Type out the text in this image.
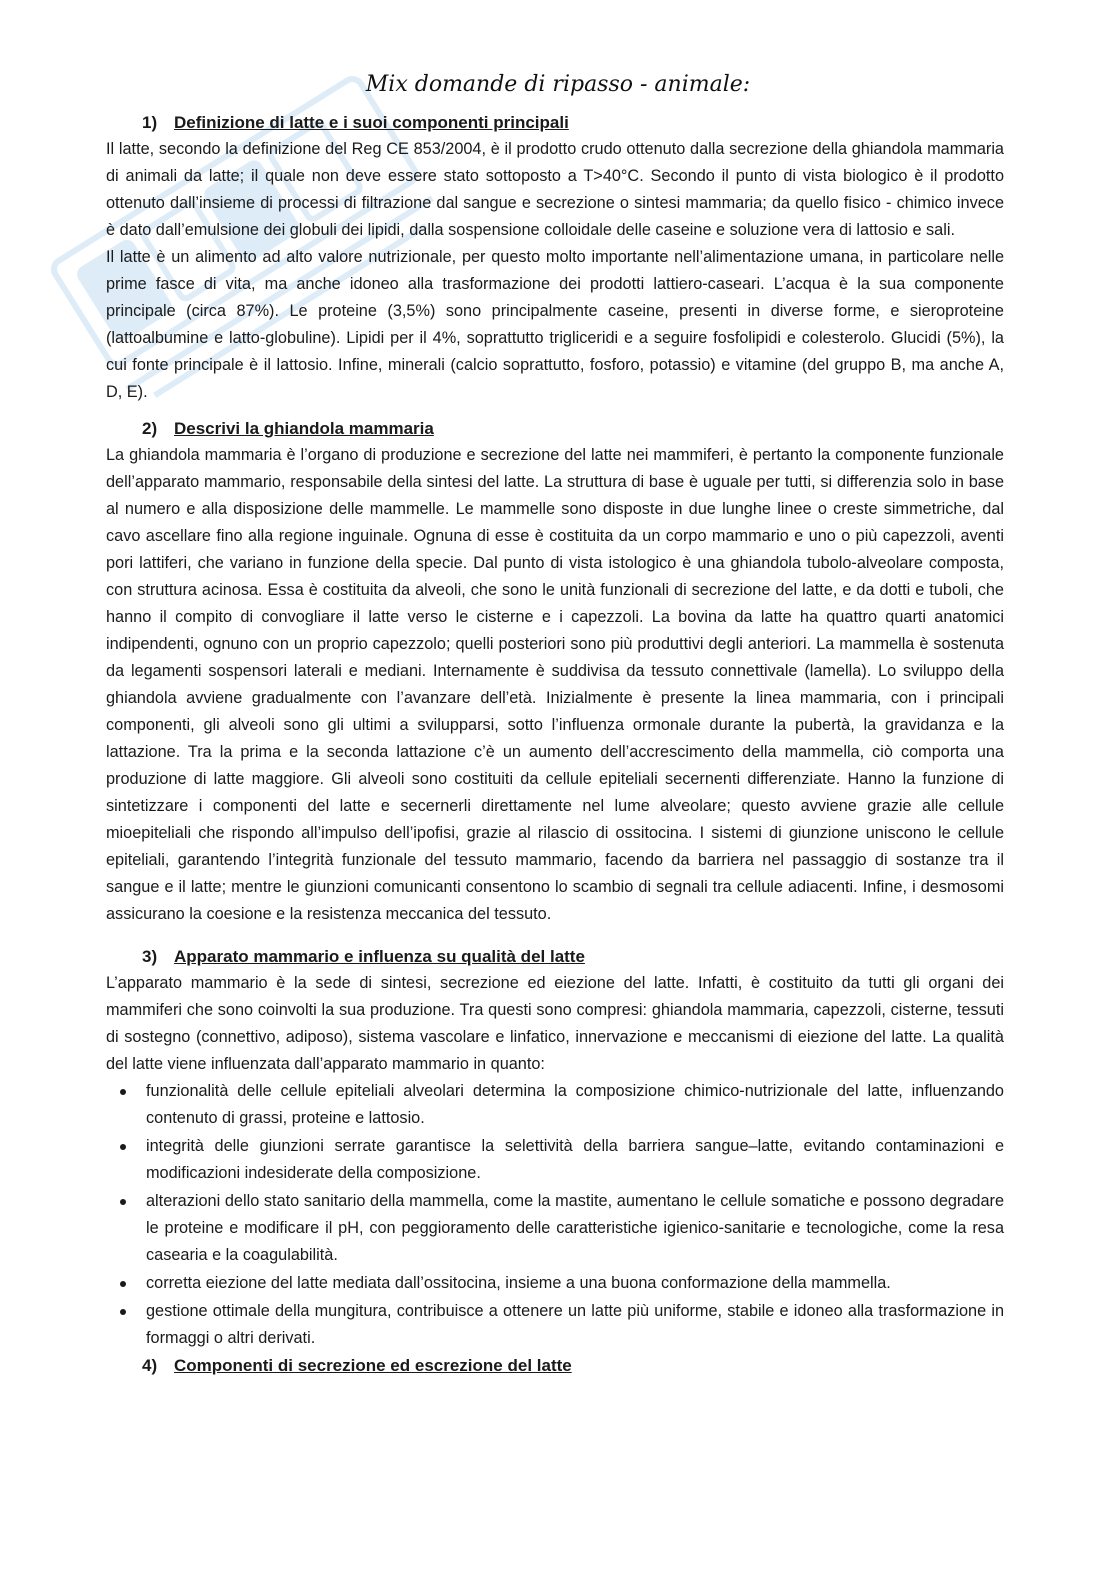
Mix domande di ripasso - animale:
1) Definizione di latte e i suoi componenti principali

Il latte, secondo la definizione del Reg CE 853/2004, è il prodotto crudo ottenuto dalla secrezione della ghiandola mammaria di animali da latte; il quale non deve essere stato sottoposto a T>40°C. Secondo il punto di vista biologico è il prodotto ottenuto dall’insieme di processi di filtrazione dal sangue e secrezione o sintesi mammaria; da quello fisico - chimico invece è dato dall’emulsione dei globuli dei lipidi, dalla sospensione colloidale delle caseine e soluzione vera di lattosio e sali.

Il latte è un alimento ad alto valore nutrizionale, per questo molto importante nell’alimentazione umana, in particolare nelle prime fasce di vita, ma anche idoneo alla trasformazione dei prodotti lattiero-caseari. L’acqua è la sua componente principale (circa 87%). Le proteine (3,5%) sono principalmente caseine, presenti in diverse forme, e sieroproteine (lattoalbumine e latto-globuline). Lipidi per il 4%, soprattutto trigliceridi e a seguire fosfolipidi e colesterolo. Glucidi (5%), la cui fonte principale è il lattosio. Infine, minerali (calcio soprattutto, fosforo, potassio) e vitamine (del gruppo B, ma anche A, D, E).

2) Descrivi la ghiandola mammaria

La ghiandola mammaria è l’organo di produzione e secrezione del latte nei mammiferi, è pertanto la componente funzionale dell’apparato mammario, responsabile della sintesi del latte. La struttura di base è uguale per tutti, si differenzia solo in base al numero e alla disposizione delle mammelle. Le mammelle sono disposte in due lunghe linee o creste simmetriche, dal cavo ascellare fino alla regione inguinale. Ognuna di esse è costituita da un corpo mammario e uno o più capezzoli, aventi pori lattiferi, che variano in funzione della specie. Dal punto di vista istologico è una ghiandola tubolo-alveolare composta, con struttura acinosa. Essa è costituita da alveoli, che sono le unità funzionali di secrezione del latte, e da dotti e tuboli, che hanno il compito di convogliare il latte verso le cisterne e i capezzoli. La bovina da latte ha quattro quarti anatomici indipendenti, ognuno con un proprio capezzolo; quelli posteriori sono più produttivi degli anteriori. La mammella è sostenuta da legamenti sospensori laterali e mediani. Internamente è suddivisa da tessuto connettivale (lamella). Lo sviluppo della ghiandola avviene gradualmente con l’avanzare dell’età. Inizialmente è presente la linea mammaria, con i principali componenti, gli alveoli sono gli ultimi a svilupparsi, sotto l’influenza ormonale durante la pubertà, la gravidanza e la lattazione. Tra la prima e la seconda lattazione c’è un aumento dell’accrescimento della mammella, ciò comporta una produzione di latte maggiore. Gli alveoli sono costituiti da cellule epiteliali secernenti differenziate. Hanno la funzione di sintetizzare i componenti del latte e secernerli direttamente nel lume alveolare; questo avviene grazie alle cellule mioepiteliali che rispondo all’impulso dell’ipofisi, grazie al rilascio di ossitocina. I sistemi di giunzione uniscono le cellule epiteliali, garantendo l’integrità funzionale del tessuto mammario, facendo da barriera nel passaggio di sostanze tra il sangue e il latte; mentre le giunzioni comunicanti consentono lo scambio di segnali tra cellule adiacenti. Infine, i desmosomi assicurano la coesione e la resistenza meccanica del tessuto.

3) Apparato mammario e influenza su qualità del latte

L’apparato mammario è la sede di sintesi, secrezione ed eiezione del latte. Infatti, è costituito da tutti gli organi dei mammiferi che sono coinvolti la sua produzione. Tra questi sono compresi: ghiandola mammaria, capezzoli, cisterne, tessuti di sostegno (connettivo, adiposo), sistema vascolare e linfatico, innervazione e meccanismi di eiezione del latte. La qualità del latte viene influenzata dall’apparato mammario in quanto:

funzionalità delle cellule epiteliali alveolari determina la composizione chimico-nutrizionale del latte, influenzando contenuto di grassi, proteine e lattosio.
integrità delle giunzioni serrate garantisce la selettività della barriera sangue–latte, evitando contaminazioni e modificazioni indesiderate della composizione.
alterazioni dello stato sanitario della mammella, come la mastite, aumentano le cellule somatiche e possono degradare le proteine e modificare il pH, con peggioramento delle caratteristiche igienico-sanitarie e tecnologiche, come la resa casearia e la coagulabilità.
corretta eiezione del latte mediata dall’ossitocina, insieme a una buona conformazione della mammella.
gestione ottimale della mungitura, contribuisce a ottenere un latte più uniforme, stabile e idoneo alla trasformazione in formaggi o altri derivati.
4) Componenti di secrezione ed escrezione del latte
